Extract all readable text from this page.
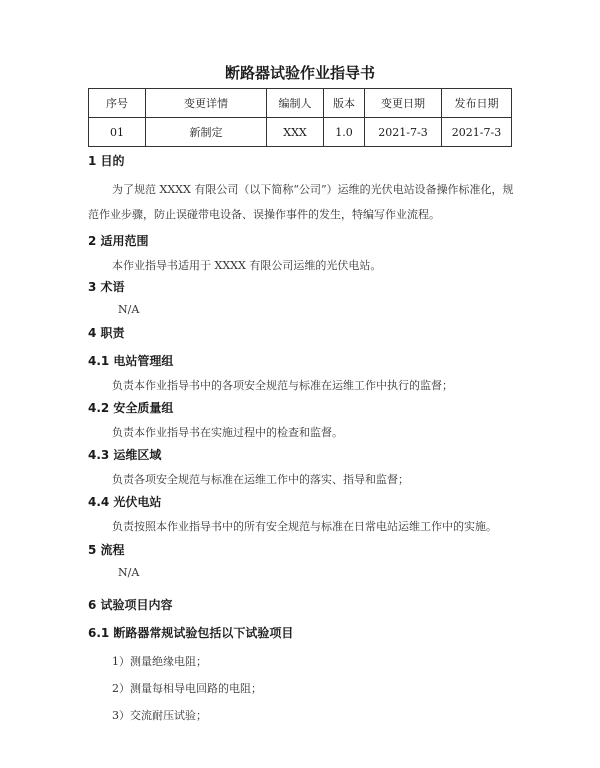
断路器试验作业指导书
序号	变更详情	编制人	版本	变更日期	发布日期
01	新制定	XXX	1.0	2021-7-3	2021-7-3
1 目的
为了规范 XXXX 有限公司（以下简称“公司”）运维的光伏电站设备操作标准化，规范作业步骤，防止误碰带电设备、误操作事件的发生，特编写作业流程。
2 适用范围
本作业指导书适用于 XXXX 有限公司运维的光伏电站。
3 术语
N/A
4 职责
4.1 电站管理组
负责本作业指导书中的各项安全规范与标准在运维工作中执行的监督；
4.2 安全质量组
负责本作业指导书在实施过程中的检查和监督。
4.3 运维区域
负责各项安全规范与标准在运维工作中的落实、指导和监督；
4.4 光伏电站
负责按照本作业指导书中的所有安全规范与标准在日常电站运维工作中的实施。
5 流程
N/A
6 试验项目内容
6.1 断路器常规试验包括以下试验项目
1）测量绝缘电阻；
2）测量每相导电回路的电阻；
3）交流耐压试验；
